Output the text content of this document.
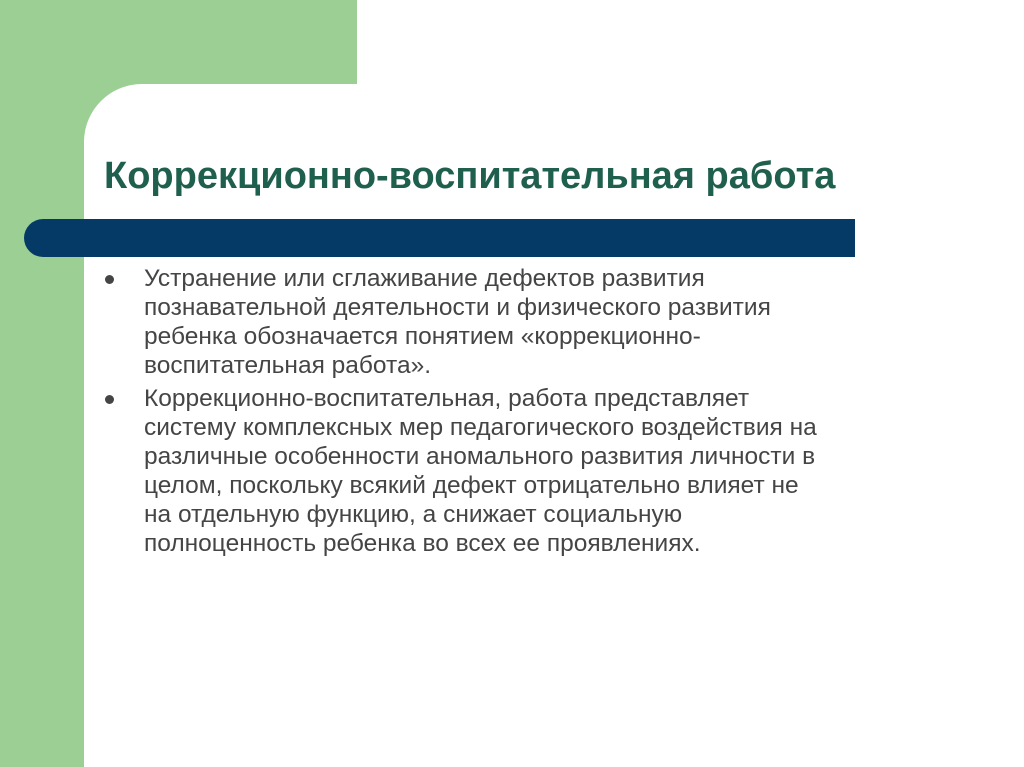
Коррекционно-воспитательная работа
Устранение или сглаживание дефектов развития
познавательной деятельности и физического развития
ребенка обозначается понятием «коррекционно-
воспитательная работа».
Коррекционно-воспитательная, работа представляет
систему комплексных мер педагогического воздействия на
различные особенности аномального развития личности в
целом, поскольку всякий дефект отрицательно влияет не
на отдельную функцию, а снижает социальную
полноценность ребенка во всех ее проявлениях.
